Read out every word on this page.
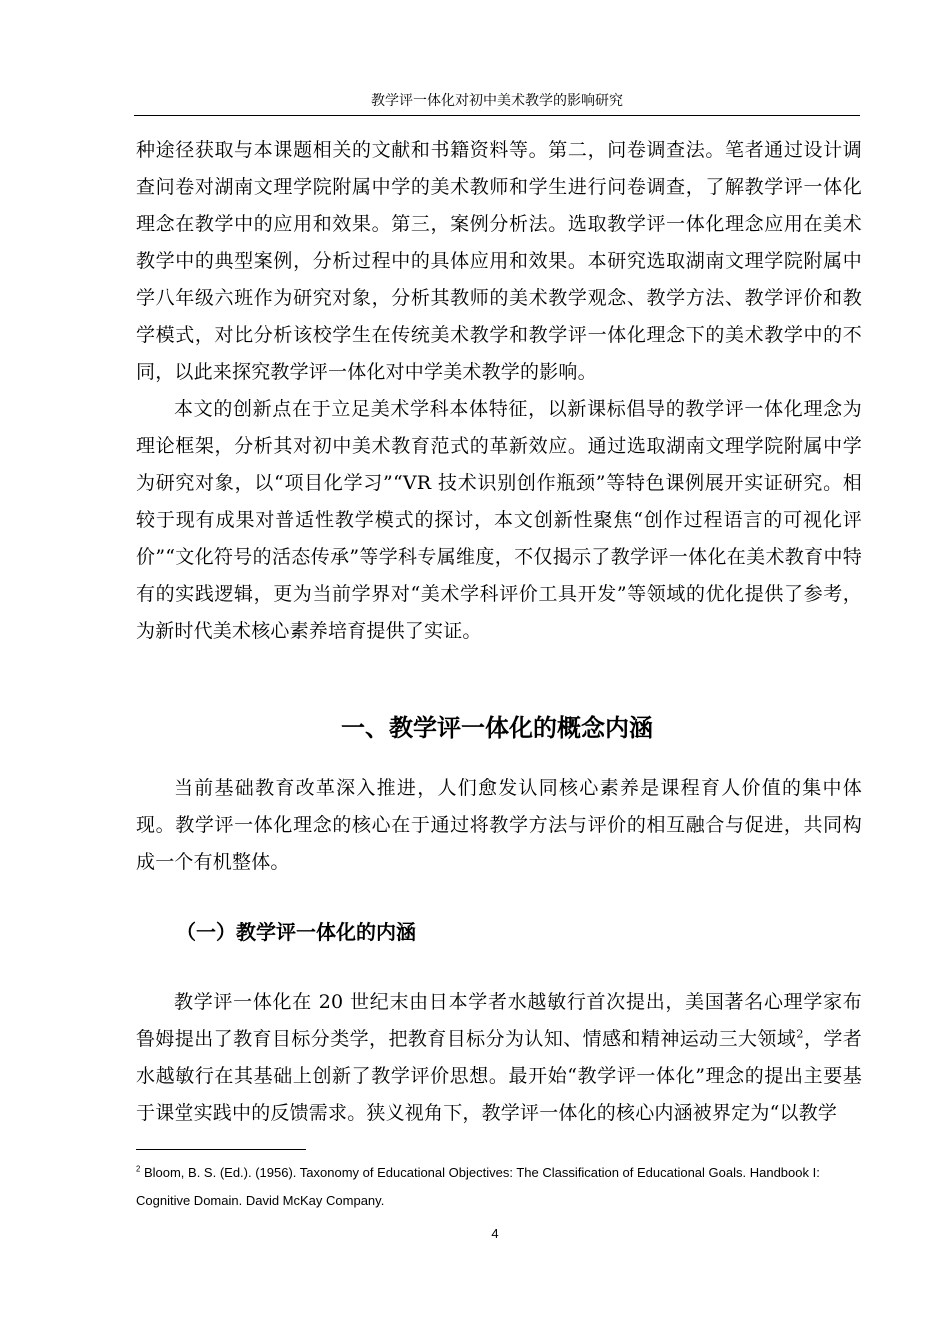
教学评一体化对初中美术教学的影响研究

种途径获取与本课题相关的文献和书籍资料等。第二，问卷调查法。笔者通过设计调查问卷对湖南文理学院附属中学的美术教师和学生进行问卷调查，了解教学评一体化理念在教学中的应用和效果。第三，案例分析法。选取教学评一体化理念应用在美术教学中的典型案例，分析过程中的具体应用和效果。本研究选取湖南文理学院附属中学八年级六班作为研究对象，分析其教师的美术教学观念、教学方法、教学评价和教学模式，对比分析该校学生在传统美术教学和教学评一体化理念下的美术教学中的不同，以此来探究教学评一体化对中学美术教学的影响。

本文的创新点在于立足美术学科本体特征，以新课标倡导的教学评一体化理念为理论框架，分析其对初中美术教育范式的革新效应。通过选取湖南文理学院附属中学为研究对象，以“项目化学习”“VR 技术识别创作瓶颈”等特色课例展开实证研究。相较于现有成果对普适性教学模式的探讨，本文创新性聚焦“创作过程语言的可视化评价”“文化符号的活态传承”等学科专属维度，不仅揭示了教学评一体化在美术教育中特有的实践逻辑，更为当前学界对“美术学科评价工具开发”等领域的优化提供了参考，为新时代美术核心素养培育提供了实证。

一、教学评一体化的概念内涵

当前基础教育改革深入推进，人们愈发认同核心素养是课程育人价值的集中体现。教学评一体化理念的核心在于通过将教学方法与评价的相互融合与促进，共同构成一个有机整体。

（一）教学评一体化的内涵

教学评一体化在 20 世纪末由日本学者水越敏行首次提出，美国著名心理学家布鲁姆提出了教育目标分类学，把教育目标分为认知、情感和精神运动三大领域$^2$，学者水越敏行在其基础上创新了教学评价思想。最开始“教学评一体化”理念的提出主要基于课堂实践中的反馈需求。狭义视角下，教学评一体化的核心内涵被界定为“以教学

$^2$ Bloom, B. S. (Ed.). (1956). Taxonomy of Educational Objectives: The Classification of Educational Goals. Handbook I: Cognitive Domain. David McKay Company.

4
